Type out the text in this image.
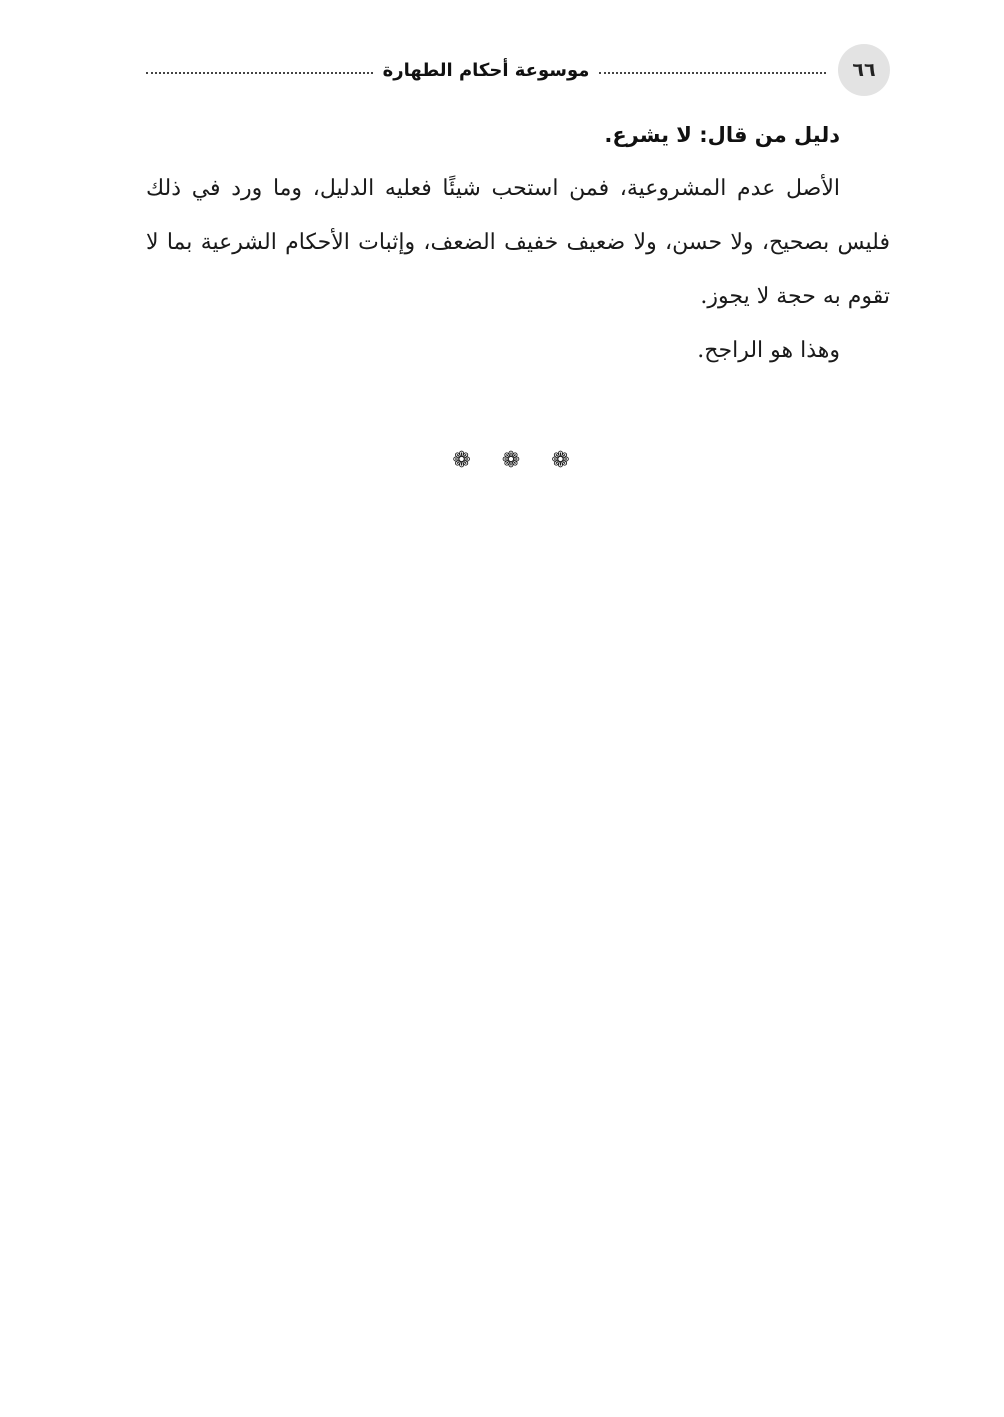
٦٦
موسوعة أحكام الطهارة

دليل من قال: لا يشرع.

الأصل عدم المشروعية، فمن استحب شيئًا فعليه الدليل، وما ورد في ذلك فليس بصحيح، ولا حسن، ولا ضعيف خفيف الضعف، وإثبات الأحكام الشرعية بما لا تقوم به حجة لا يجوز.

وهذا هو الراجح.

❁ ❁ ❁
